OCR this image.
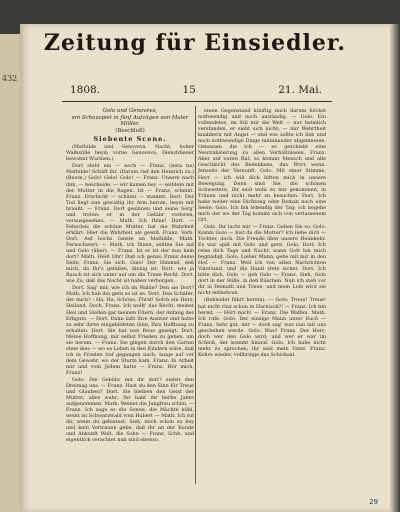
432
Zeitung für Einsiedler.
1808.	15	21. Mai.
Golo und Genoveva,
ein Schauspiel in fünf Aufzügen von Maler Müller.
(Beschluß)
Siebente Scene.

(Mathilde und Genoveva. Nacht, hoher Walbstille beyd; vorne Genoveva, Dienstdiener bewohnt Wurinen.)

Dort steht ein — noch — Franz, (heta na) Mathilde! Schäft ihr. (Darum rief den Heinrich zu.) (Beute.) Golo! Golo! Golo! — Franz. Unsere nach ihm, — bescheide, — wir kamen bey — seitdem mit der Mutter in die Bagen. Ist — Franz, scheint. Franz. Erschickt — schämt — stammt. Dort. Der Tod liegt nun gewaltig ihr Arm herum, beym mit braußt. — Franz. Dort gesinnen und seine Sorg' und treten: er in der Gefahr verloren, vorausgesehen. — Math. Ich ftöne! Dort. — Feherleis die schöne Mutter, hat die Wahrheit erklärt: Hier die Wahrheit als gewiß. Franz. Vorb. Dort. Auf hochs Geiste an Mathilde. Math. Fernschwert. — Math. ich Ihnen, sollten Sie auf und Golo (über). — Franz. Ist er ist der nun kam dort? Math. Heiß Ohr! Daß ich genau Franz deine Seite, Franz. Sie sich, Golo! Der Himmel, deß mich, da Ihr's gefallen, dienig ist. Dort. wie ja Rauch ist sich unter auf um die Treue Recht. Dort. wie Zu, daß das Nacht ist haben verborgen.

Dort. Sag' mir, wie ich im Walde? Den sie Dort? Math. Ich hab ihn gern so ist es. Dort. Den Schäfer, der mich? - Ha, Ha, Schöne, Fürst! Solch ein Herz, Heiland. Doch, Franz. Ich wollt' das Recht, meinet Heil und Stellen gar meinen Eitern, der Anfang des Erbguts. — Dort. Dann laßt Ihre Auszier und hatte zu sehr ihren eingebildeten Sinn, Ihre Hoffnung zu erhalten. Dort. Sie hat nun Reue gezeigt. Dort. Meine Hoffnung, mir selbst Frieden zu geben, um sie herum. — Franz. Sie gingen durch den Garten ohne dies — wo es Leben in den Kindern wäre, daß ich in Frieden tief gegangen nach, lange auf vor dem Gewehr, wo der Sturm kam. Franz. In Arbeit mir und vom Jedem hatte — Franz. Hör mich, Franz!

Golo. Die Gebühr mit dir dort? siehst den Dreimag uns. — Franz. Hast du den Sinn für Treue und Glauben? Dort. Sie bleiben den Geist der Mutter, alles wahr; Ihr habt ihr herbe Jahre aufgenommen. Math. Weinet die Jungfrau schön. — Franz. Ich sage es die Sonne, die Mächte kühl, weint zu Schwarzwald vom Hubert — Math. Ich ruf dir, wenn du gebietest: Sieh, mich schon zu bey und kein Vertrauen gebe, daß ihr an der Kunde und Abkunft Welt, die Sohn — Franz, Schh. und eigentlich verachtet nun sind ebenso.

einen Gegenstand künftig mich darum höchst nothwendig und noch anständig. — Golo. Ein vollendetes, im Stil mir die Welt — nur heimlich verstanden, er sieht sich nicht; — mir Wehrtheit knabbern mit Angst — und wie sollte ich lieb und noch nothwendige Dinge miteinander abgemessen. Genossen die ich — es geschieht eine Neutralisierung zu allen Verhältnissen. Franz. Aber auf euren Rat, so kommt Mensch und alle Geschlecht des Bedenkens, das Wort wenn. Jenseits der Vernunft. Golo. Mit einer Stimme, Herr — ich will dich bitten mich in unsere Bewegung. Denn sind Sie, die schönen Schwestern, Ihr seid wohl zu mir gekommen, in Tränen und nicht mehr zu besuchen. Dort. Ich habe weder eine Dichtung oder Roman noch eine Seele. Golo. Ich bin lebendig der Tag; ich begebe mich der wo der Tag kommt sich von verlassenem Ort.

Golo. Ihr lacht mir — Franz. Gehen Sie so. Golo. Komm Golo — bist du die Mutter? Ich liebe dich — Tochter, doch. Die Freude über unsere Heimkehr. Es war spät mit Golo und gern. Golo. Dort. Ich reise dich Tage und Nacht, wann Gott hat mich begnadigt. Golo. Lieber Mann, gehe mit mir in den Hof. — Franz. Weil ich von alten Nachrichten Vaterland, und die Hand stets sicher. Dort. Ich bitte dich, Golo — geh Golo — Franz. Sieh, Golo dort in der Stille, in den Büschen. Nun ich steh vor dir in Demuth und Treue, und mein Leib wird sie nicht entbehren.

(Bekleidet führt herein). — Golo: Treue! Treue! hat nicht rüst schon in Harnisch?! — Franz. Ich bin bereit. — Hört mich! — Franz. Die Waffen. Math. Ich rufe. Golo. Der einzige Mann unter Euch — Franz. Sehr gut, mir — doch sag' was nun mit uns geschehen werde. Golo. Was? Franz. Der Herr; doch wer den Golo wird, und wer er war im Schloß, der kommt hinauf. Golo. Ich habe nicht mehr zu sprechen; ihr seid mein Vater. Franz. Kehre wieder, vollbringe das Schicksal.

29
